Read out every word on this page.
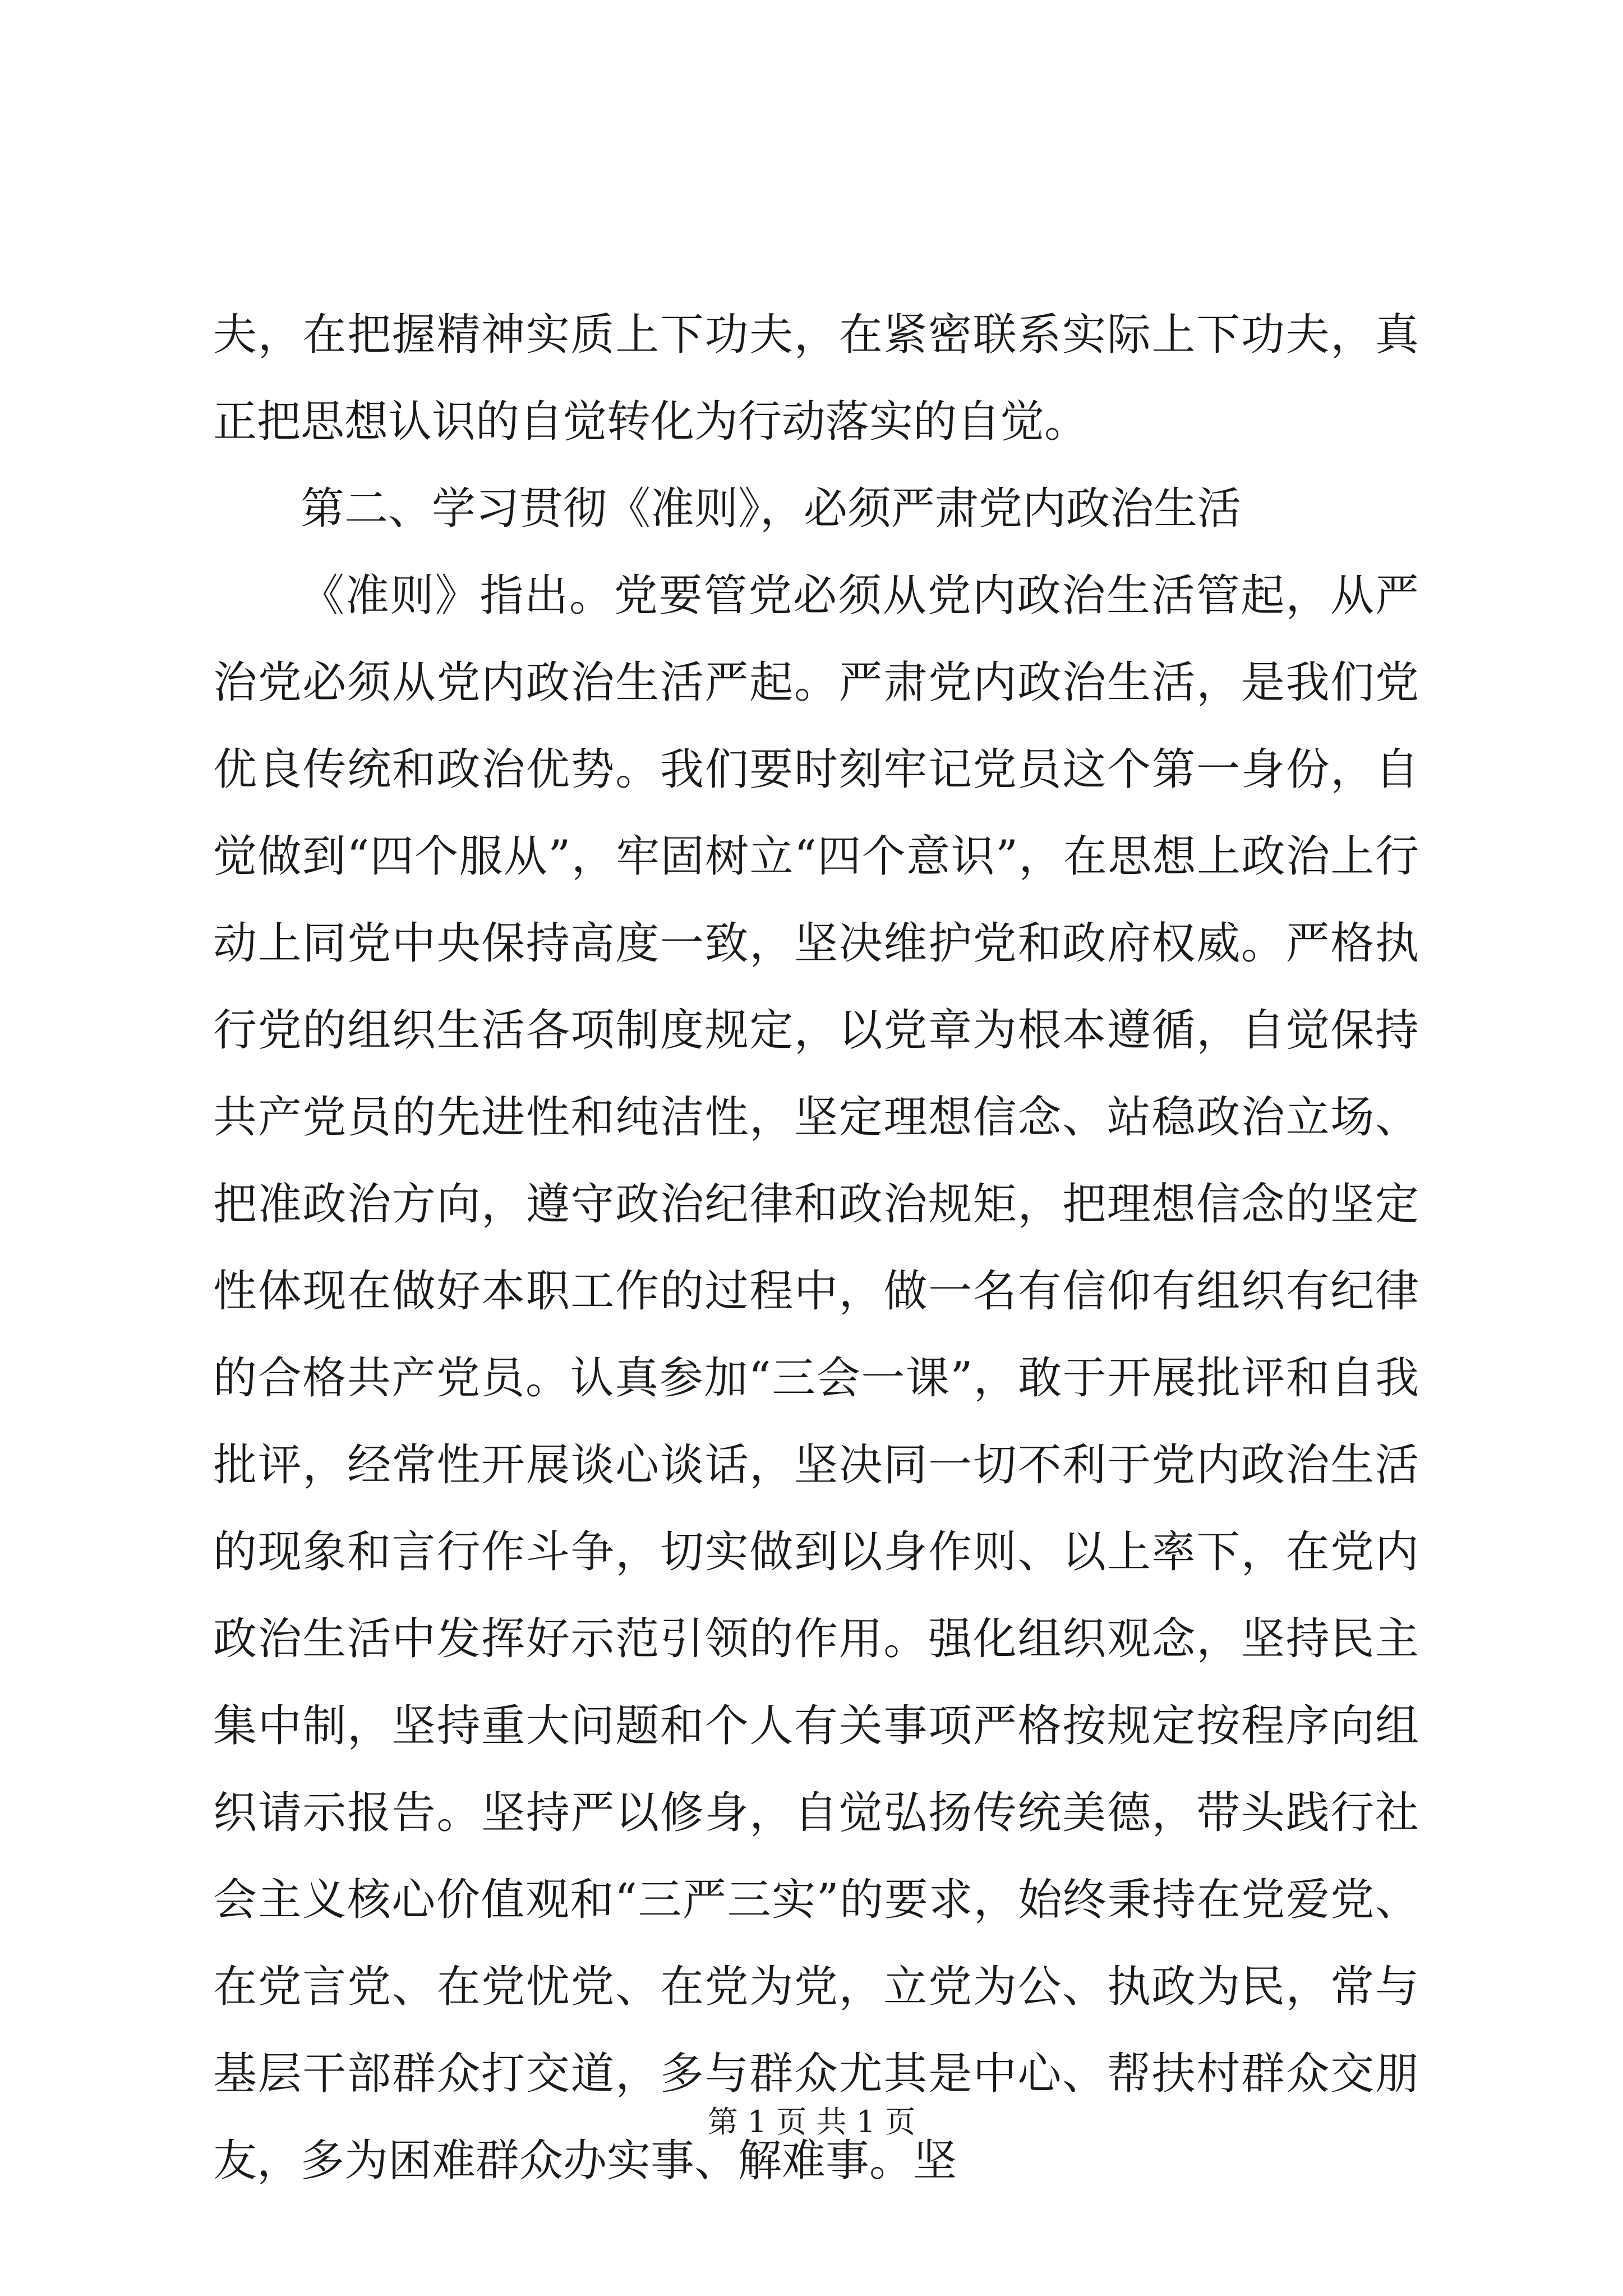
夫，在把握精神实质上下功夫，在紧密联系实际上下功夫，真正把思想认识的自觉转化为行动落实的自觉。

第二、学习贯彻《准则》，必须严肃党内政治生活

《准则》指出。党要管党必须从党内政治生活管起，从严治党必须从党内政治生活严起。严肃党内政治生活，是我们党优良传统和政治优势。我们要时刻牢记党员这个第一身份，自觉做到“四个服从”，牢固树立“四个意识”，在思想上政治上行动上同党中央保持高度一致，坚决维护党和政府权威。严格执行党的组织生活各项制度规定，以党章为根本遵循，自觉保持共产党员的先进性和纯洁性，坚定理想信念、站稳政治立场、把准政治方向，遵守政治纪律和政治规矩，把理想信念的坚定性体现在做好本职工作的过程中，做一名有信仰有组织有纪律的合格共产党员。认真参加“三会一课”，敢于开展批评和自我批评，经常性开展谈心谈话，坚决同一切不利于党内政治生活的现象和言行作斗争，切实做到以身作则、以上率下，在党内政治生活中发挥好示范引领的作用。强化组织观念，坚持民主集中制，坚持重大问题和个人有关事项严格按规定按程序向组织请示报告。坚持严以修身，自觉弘扬传统美德，带头践行社会主义核心价值观和“三严三实”的要求，始终秉持在党爱党、在党言党、在党忧党、在党为党，立党为公、执政为民，常与基层干部群众打交道，多与群众尤其是中心、帮扶村群众交朋友，多为困难群众办实事、解难事。坚

第 1 页 共 1 页
